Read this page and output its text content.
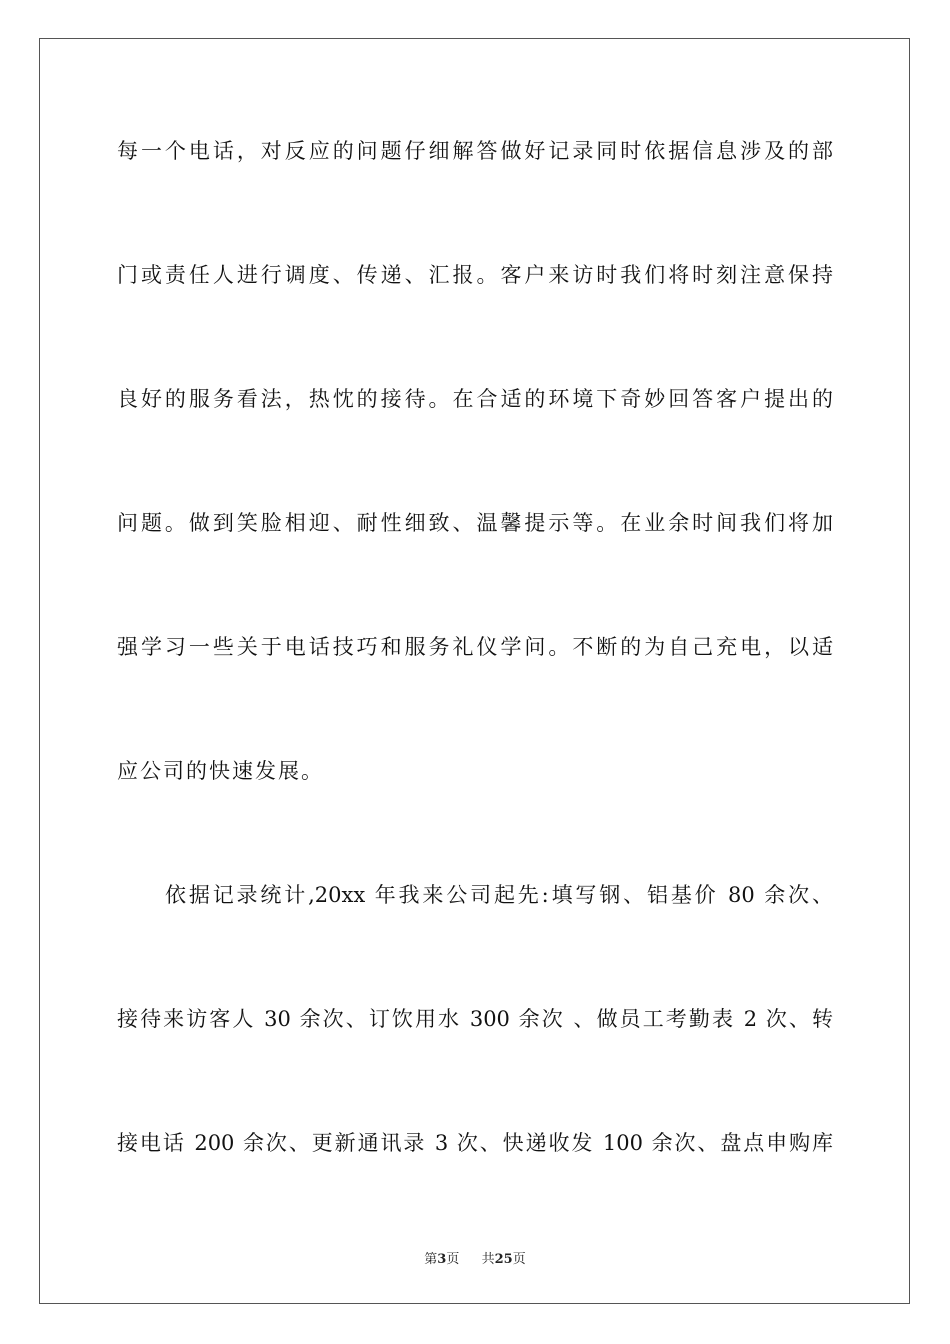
每一个电话，对反应的问题仔细解答做好记录同时依据信息涉及的部
门或责任人进行调度、传递、汇报。客户来访时我们将时刻注意保持
良好的服务看法，热忱的接待。在合适的环境下奇妙回答客户提出的
问题。做到笑脸相迎、耐性细致、温馨提示等。在业余时间我们将加
强学习一些关于电话技巧和服务礼仪学问。不断的为自己充电，以适
应公司的快速发展。
依据记录统计,20xx 年我来公司起先:填写钢、铝基价 80 余次、
接待来访客人 30 余次、订饮用水 300 余次 、做员工考勤表 2 次、转
接电话 200 余次、更新通讯录 3 次、快递收发 100 余次、盘点申购库
第3页 共25页
